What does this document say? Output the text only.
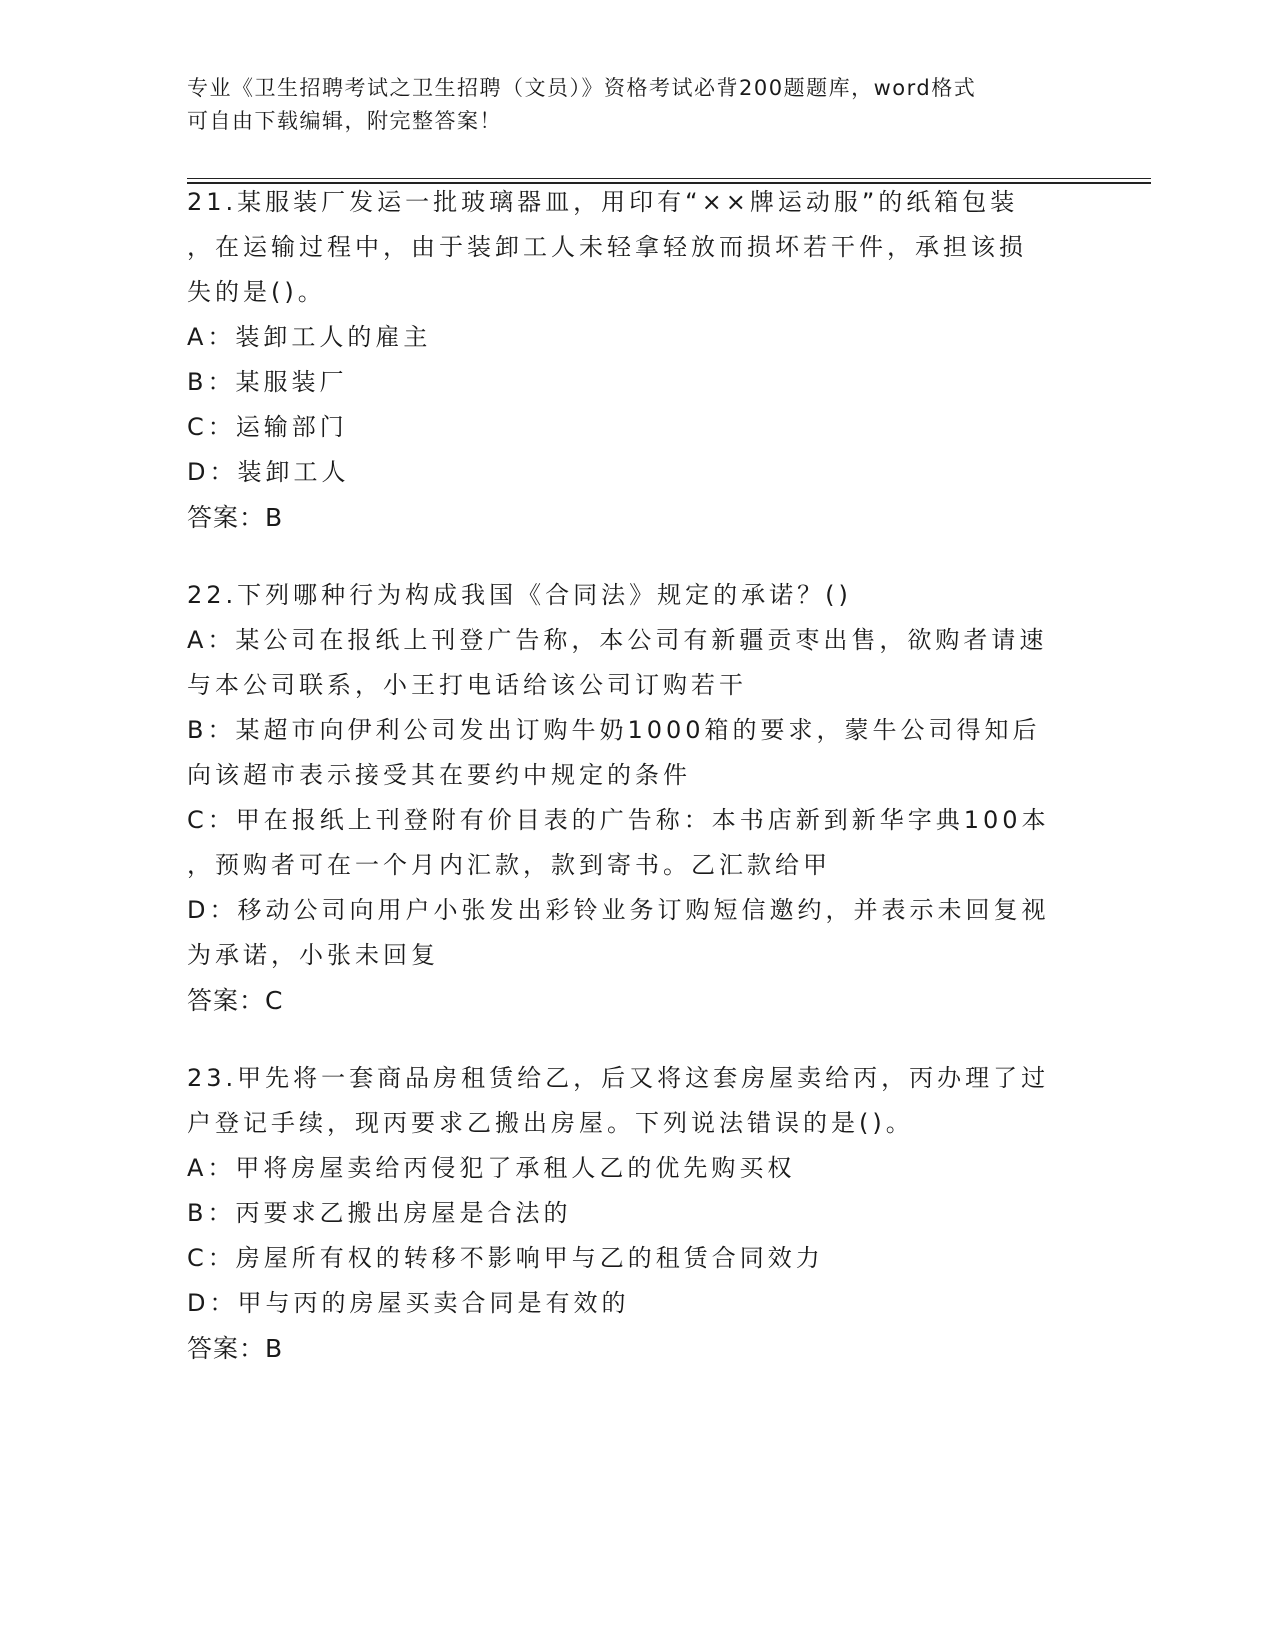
专业《卫生招聘考试之卫生招聘（文员）》资格考试必背200题题库，word格式
可自由下载编辑，附完整答案！
21.某服装厂发运一批玻璃器皿，用印有“××牌运动服”的纸箱包装
，在运输过程中，由于装卸工人未轻拿轻放而损坏若干件，承担该损
失的是()。
A：装卸工人的雇主
B：某服装厂
C：运输部门
D：装卸工人
答案：B
22.下列哪种行为构成我国《合同法》规定的承诺？()
A：某公司在报纸上刊登广告称，本公司有新疆贡枣出售，欲购者请速
与本公司联系，小王打电话给该公司订购若干
B：某超市向伊利公司发出订购牛奶1000箱的要求，蒙牛公司得知后
向该超市表示接受其在要约中规定的条件
C：甲在报纸上刊登附有价目表的广告称：本书店新到新华字典100本
，预购者可在一个月内汇款，款到寄书。乙汇款给甲
D：移动公司向用户小张发出彩铃业务订购短信邀约，并表示未回复视
为承诺，小张未回复
答案：C
23.甲先将一套商品房租赁给乙，后又将这套房屋卖给丙，丙办理了过
户登记手续，现丙要求乙搬出房屋。下列说法错误的是()。
A：甲将房屋卖给丙侵犯了承租人乙的优先购买权
B：丙要求乙搬出房屋是合法的
C：房屋所有权的转移不影响甲与乙的租赁合同效力
D：甲与丙的房屋买卖合同是有效的
答案：B
